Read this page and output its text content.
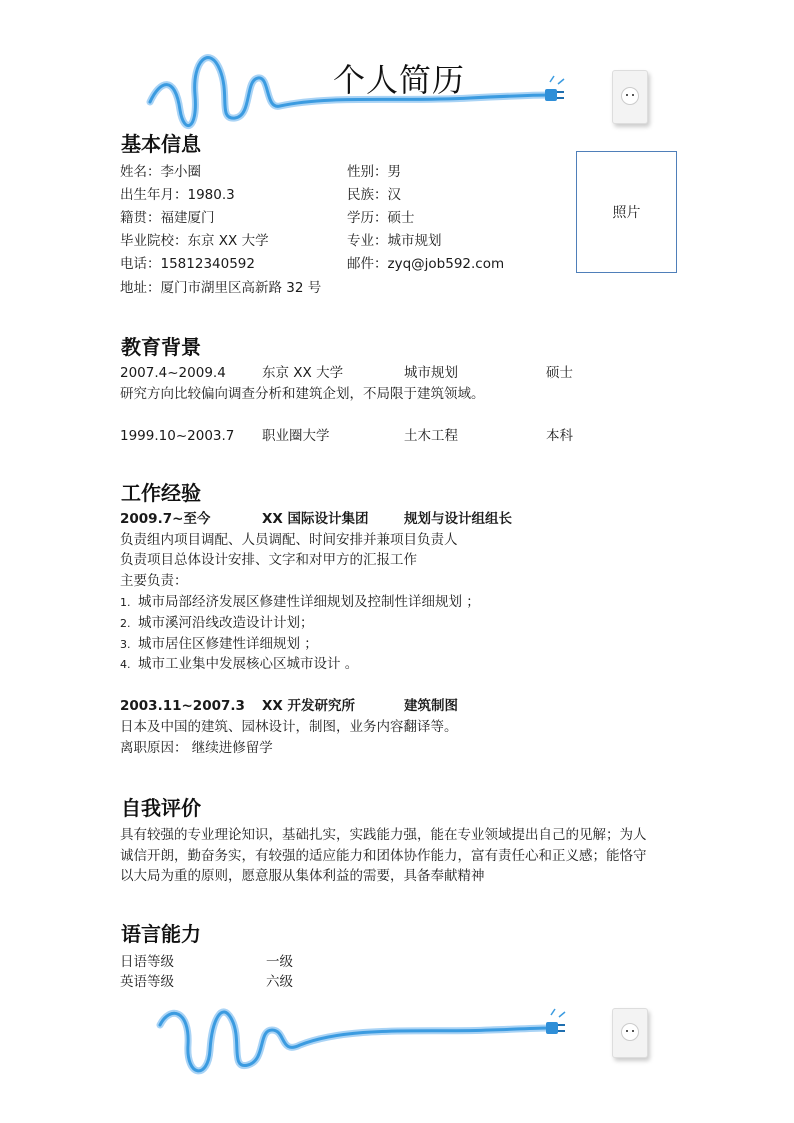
个人简历
基本信息
姓名：李小圈	性别：男
出生年月：1980.3	民族：汉
籍贯：福建厦门	学历：硕士
毕业院校：东京 XX 大学	专业：城市规划
电话：15812340592	邮件：zyq@job592.com
地址：厦门市湖里区高新路 32 号
照片
教育背景
2007.4~2009.4	东京 XX 大学	城市规划	硕士
研究方向比较偏向调查分析和建筑企划，不局限于建筑领域。
1999.10~2003.7 职业圈大学	土木工程	本科
工作经验
2009.7~至今	XX 国际设计集团	规划与设计组组长
负责组内项目调配、人员调配、时间安排并兼项目负责人
负责项目总体设计安排、文字和对甲方的汇报工作
主要负责：
1. 城市局部经济发展区修建性详细规划及控制性详细规划 ；
2. 城市溪河沿线改造设计计划；
3. 城市居住区修建性详细规划 ；
4. 城市工业集中发展核心区城市设计 。
2003.11~2007.3 XX 开发研究所	建筑制图
日本及中国的建筑、园林设计，制图，业务内容翻译等。
离职原因： 继续进修留学
自我评价
具有较强的专业理论知识，基础扎实，实践能力强，能在专业领域提出自己的见解；为人
诚信开朗，勤奋务实，有较强的适应能力和团体协作能力，富有责任心和正义感；能恪守
以大局为重的原则，愿意服从集体利益的需要，具备奉献精神
语言能力
日语等级	一级
英语等级	六级
